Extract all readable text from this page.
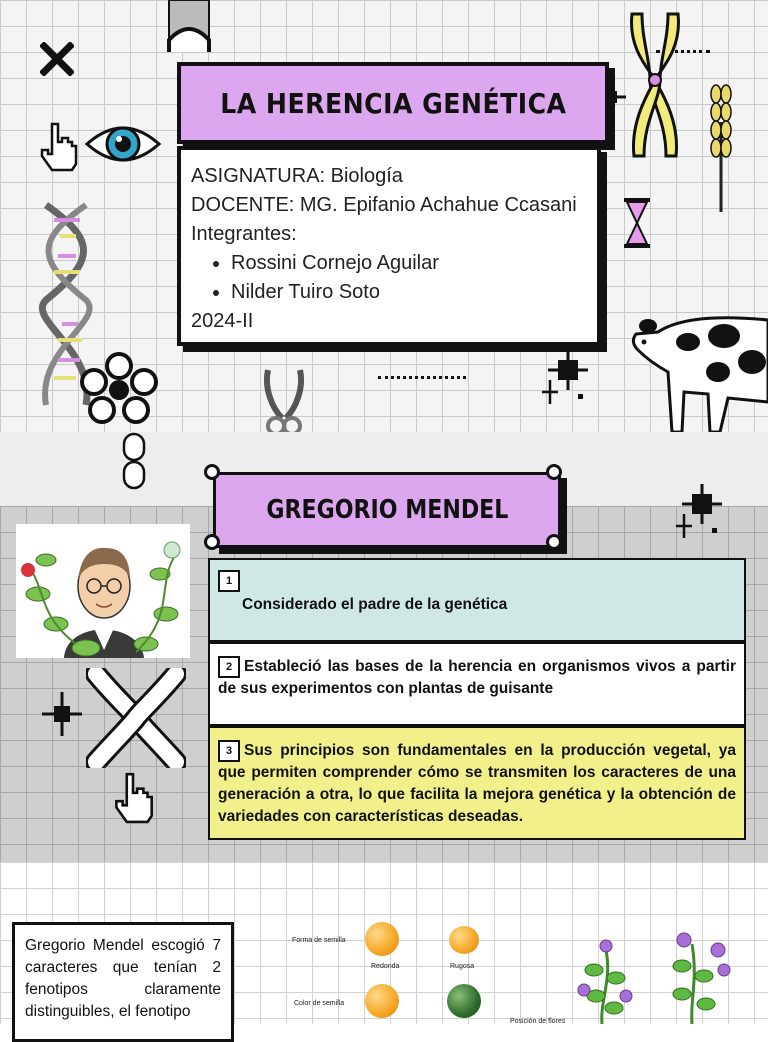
LA HERENCIA GENÉTICA

ASIGNATURA: Biología

DOCENTE: MG. Epifanio Achahue Ccasani

Integrantes:

• Rossini Cornejo Aguilar
• Nilder Tuiro Soto

2024-II

GREGORIO MENDEL
1
Considerado el padre de la genética
2 Estableció las bases de la herencia en organismos vivos a partir de sus experimentos con plantas de guisante
3 Sus principios son fundamentales en la producción vegetal, ya que permiten comprender cómo se transmiten los caracteres de una generación a otra, lo que facilita la mejora genética y la obtención de variedades con características deseadas.
Gregorio Mendel escogió 7 caracteres que tenían 2 fenotipos claramente distinguibles, el fenotipo
Forma de semilla
Redonda	Rugosa
Color de semilla
Posición de flores
